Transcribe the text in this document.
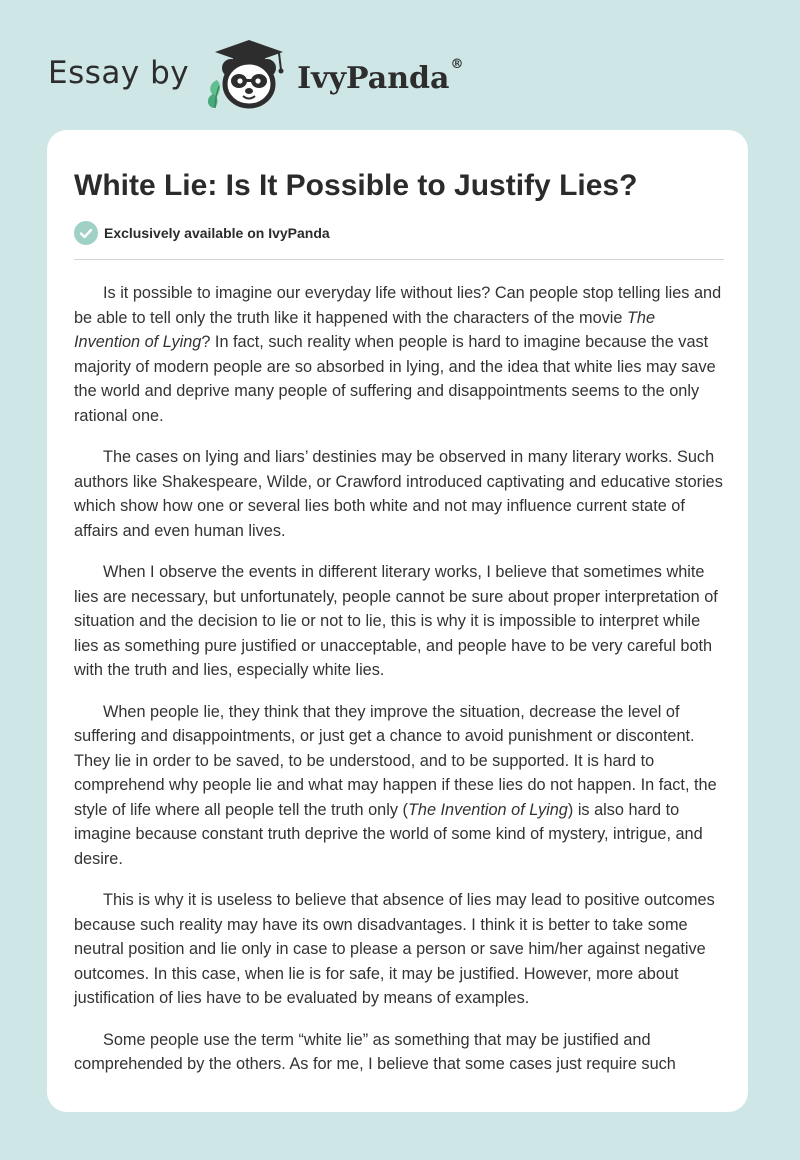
Essay by	IvyPanda®
White Lie: Is It Possible to Justify Lies?
Exclusively available on IvyPanda

Is it possible to imagine our everyday life without lies? Can people stop telling lies and be able to tell only the truth like it happened with the characters of the movie The Invention of Lying? In fact, such reality when people is hard to imagine because the vast majority of modern people are so absorbed in lying, and the idea that white lies may save the world and deprive many people of suffering and disappointments seems to the only rational one.

The cases on lying and liars’ destinies may be observed in many literary works. Such authors like Shakespeare, Wilde, or Crawford introduced captivating and educative stories which show how one or several lies both white and not may influence current state of affairs and even human lives.

When I observe the events in different literary works, I believe that sometimes white lies are necessary, but unfortunately, people cannot be sure about proper interpretation of situation and the decision to lie or not to lie, this is why it is impossible to interpret while lies as something pure justified or unacceptable, and people have to be very careful both with the truth and lies, especially white lies.

When people lie, they think that they improve the situation, decrease the level of suffering and disappointments, or just get a chance to avoid punishment or discontent. They lie in order to be saved, to be understood, and to be supported. It is hard to comprehend why people lie and what may happen if these lies do not happen. In fact, the style of life where all people tell the truth only (The Invention of Lying) is also hard to imagine because constant truth deprive the world of some kind of mystery, intrigue, and desire.

This is why it is useless to believe that absence of lies may lead to positive outcomes because such reality may have its own disadvantages. I think it is better to take some neutral position and lie only in case to please a person or save him/her against negative outcomes. In this case, when lie is for safe, it may be justified. However, more about justification of lies have to be evaluated by means of examples.

Some people use the term “white lie” as something that may be justified and comprehended by the others. As for me, I believe that some cases just require such
